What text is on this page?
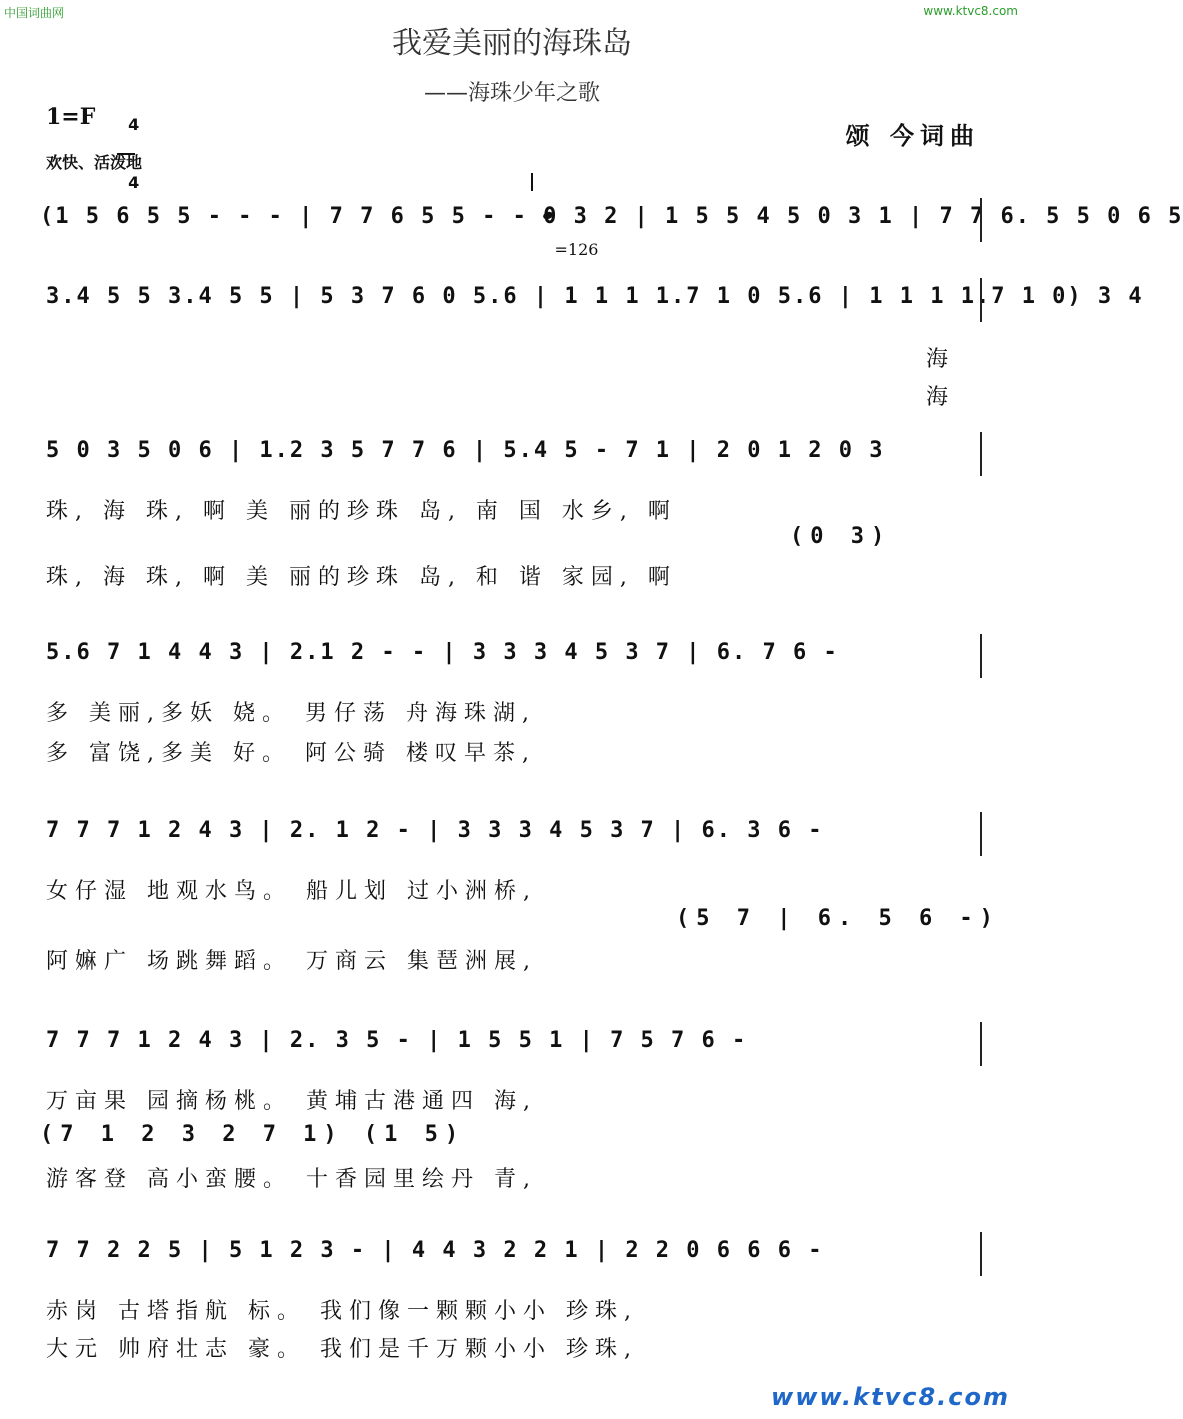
中国词曲网	www.ktvc8.com
我爱美丽的海珠岛
——海珠少年之歌
1=F	4

4

颂 今词曲
欢快、活泼地

=126

(1 5 6 5 5 - - - | 7 7 6 5 5 - - 0 3 2 | 1 5 5 4 5 0 3 1 | 7 7 6. 5 5 0 6 5
3.4 5 5 3.4 5 5 | 5 3 7 6 0 5.6 | 1 1 1 1.7 1 0 5.6 | 1 1 1 1.7 1 0) 3 4
海
海
5 0 3 5 0 6 | 1.2 3 5 7 7 6 | 5.4 5 - 7 1 | 2 0 1 2 0 3
珠, 海 珠, 啊 美 丽的珍珠 岛, 南 国 水乡, 啊
(0 3)
珠, 海 珠, 啊 美 丽的珍珠 岛, 和 谐 家园, 啊
5.6 7 1 4 4 3 | 2.1 2 - - | 3 3 3 4 5 3 7 | 6. 7 6 -
多 美丽,多妖 娆。 男仔荡 舟海珠湖,
多 富饶,多美 好。 阿公骑 楼叹早茶,
7 7 7 1 2 4 3 | 2. 1 2 - | 3 3 3 4 5 3 7 | 6. 3 6 -
女仔湿 地观水鸟。 船儿划 过小洲桥,
(5 7 | 6. 5 6 -)
阿嫲广 场跳舞蹈。 万商云 集琶洲展,
7 7 7 1 2 4 3 | 2. 3 5 - | 1 5 5 1 | 7 5 7 6 -
万亩果 园摘杨桃。 黄埔古港通四 海,
(7 1 2 3 2 7 1) (1 5)
游客登 高小蛮腰。 十香园里绘丹 青,
7 7 2 2 5 | 5 1 2 3 - | 4 4 3 2 2 1 | 2 2 0 6 6 6 -
赤岗 古塔指航 标。 我们像一颗颗小小 珍珠,
大元 帅府壮志 豪。 我们是千万颗小小 珍珠,

www.ktvc8.com
